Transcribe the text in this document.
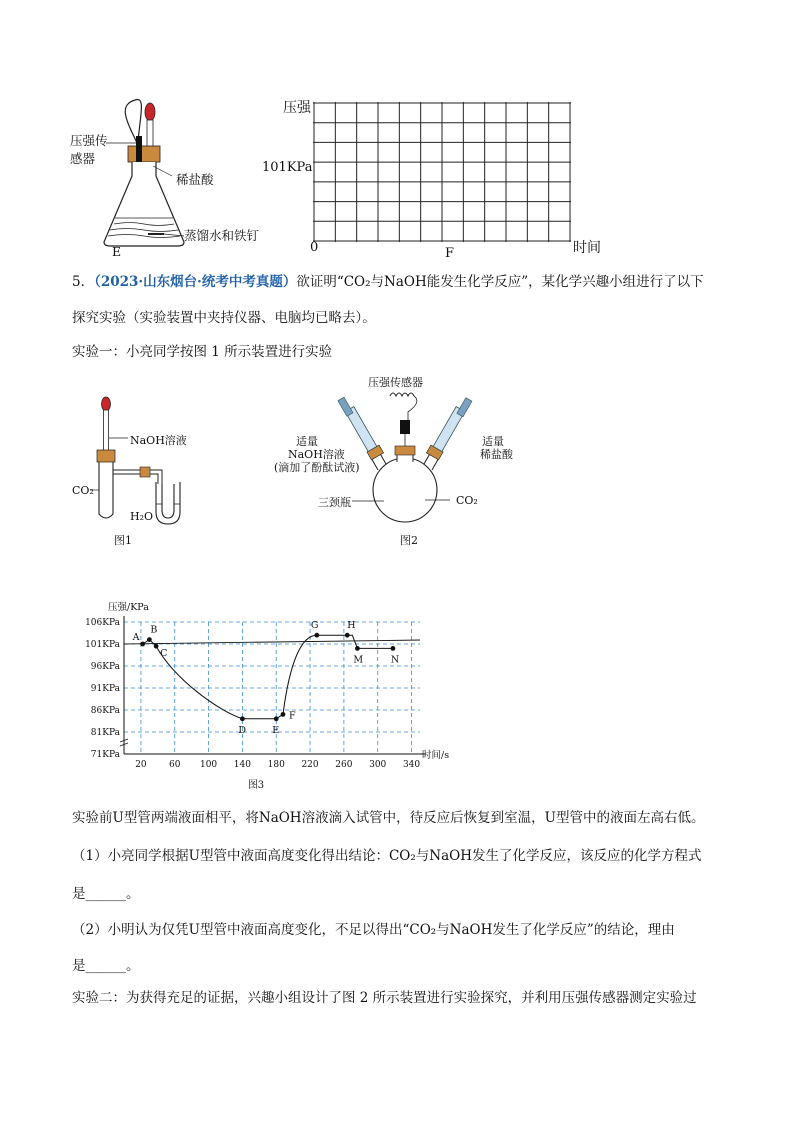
压强传
感器
稀盐酸
蒸馏水和铁钉
E
压强
101KPa
0	F	时间
5．（2023·山东烟台·统考中考真题）欲证明“CO₂与NaOH能发生化学反应”，某化学兴趣小组进行了以下
探究实验（实验装置中夹持仪器、电脑均已略去）。
实验一：小亮同学按图 1 所示装置进行实验
NaOH溶液
CO₂
H₂O
图1
压强传感器
适量
NaOH溶液
(滴加了酚酞试液)
适量
稀盐酸
三颈瓶	CO₂
图2
106KPa
101KPa
96KPa
91KPa
86KPa
81KPa
71KPa
20 60 100 140 180 220 260 300 340
压强/KPa
时间/s
A
B
C
D	E
F
G	H
M	N
图3
实验前U型管两端液面相平，将NaOH溶液滴入试管中，待反应后恢复到室温，U型管中的液面左高右低。
（1）小亮同学根据U型管中液面高度变化得出结论：CO₂与NaOH发生了化学反应，该反应的化学方程式
是______。
（2）小明认为仅凭U型管中液面高度变化，不足以得出“CO₂与NaOH发生了化学反应”的结论，理由
是______。
实验二：为获得充足的证据，兴趣小组设计了图 2 所示装置进行实验探究，并利用压强传感器测定实验过
